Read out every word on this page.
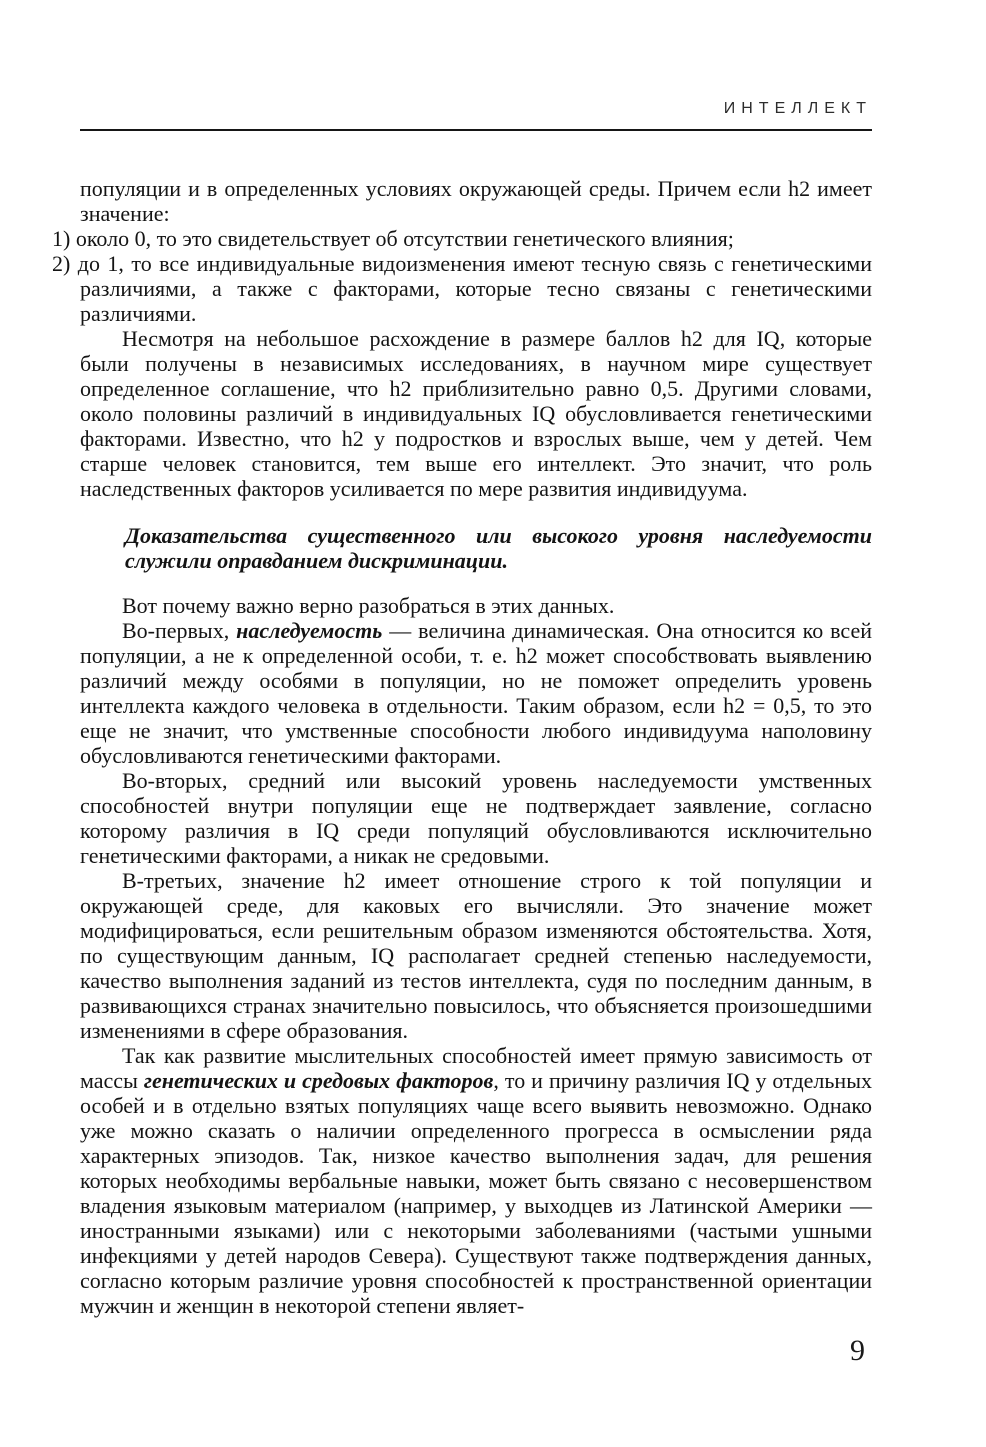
ИНТЕЛЛЕКТ

популяции и в определенных условиях окружающей среды. Причем если h2 имеет значение:

1) около 0, то это свидетельствует об отсутствии генетического влияния;

2) до 1, то все индивидуальные видоизменения имеют тесную связь с генетическими различиями, а также с факторами, которые тесно связаны с генетическими различиями.

Несмотря на небольшое расхождение в размере баллов h2 для IQ, которые были получены в независимых исследованиях, в научном мире существует определенное соглашение, что h2 приблизительно равно 0,5. Другими словами, около половины различий в индивидуальных IQ обусловливается генетическими факторами. Известно, что h2 у подростков и взрослых выше, чем у детей. Чем старше человек становится, тем выше его интеллект. Это значит, что роль наследственных факторов усиливается по мере развития индивидуума.

Доказательства существенного или высокого уровня наследуемости служили оправданием дискриминации.

Вот почему важно верно разобраться в этих данных.

Во-первых, наследуемость — величина динамическая. Она относится ко всей популяции, а не к определенной особи, т. е. h2 может способствовать выявлению различий между особями в популяции, но не поможет определить уровень интеллекта каждого человека в отдельности. Таким образом, если h2 = 0,5, то это еще не значит, что умственные способности любого индивидуума наполовину обусловливаются генетическими факторами.

Во-вторых, средний или высокий уровень наследуемости умственных способностей внутри популяции еще не подтверждает заявление, согласно которому различия в IQ среди популяций обусловливаются исключительно генетическими факторами, а никак не средовыми.

В-третьих, значение h2 имеет отношение строго к той популяции и окружающей среде, для каковых его вычисляли. Это значение может модифицироваться, если решительным образом изменяются обстоятельства. Хотя, по существующим данным, IQ располагает средней степенью наследуемости, качество выполнения заданий из тестов интеллекта, судя по последним данным, в развивающихся странах значительно повысилось, что объясняется произошедшими изменениями в сфере образования.

Так как развитие мыслительных способностей имеет прямую зависимость от массы генетических и средовых факторов, то и причину различия IQ у отдельных особей и в отдельно взятых популяциях чаще всего выявить невозможно. Однако уже можно сказать о наличии определенного прогресса в осмыслении ряда характерных эпизодов. Так, низкое качество выполнения задач, для решения которых необходимы вербальные навыки, может быть связано с несовершенством владения языковым материалом (например, у выходцев из Латинской Америки — иностранными языками) или с некоторыми заболеваниями (частыми ушными инфекциями у детей народов Севера). Существуют также подтверждения данных, согласно которым различие уровня способностей к пространственной ориентации мужчин и женщин в некоторой степени являет-

9
